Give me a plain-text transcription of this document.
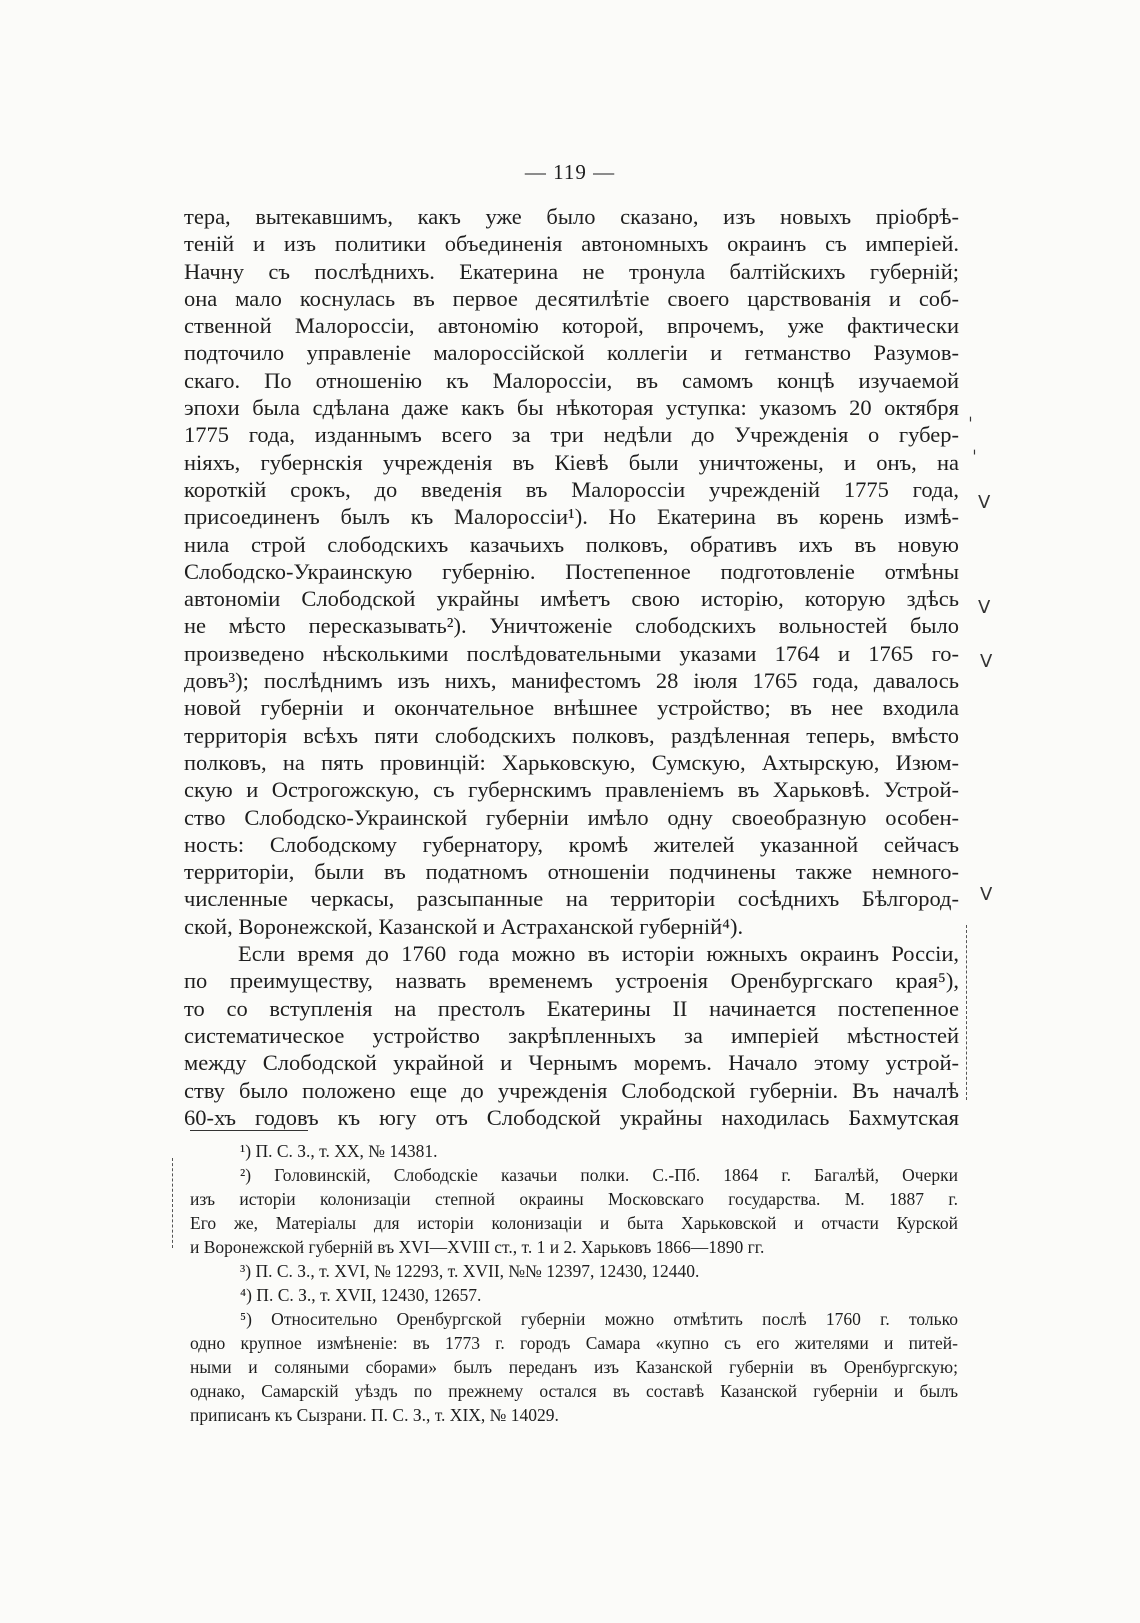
— 119 —
тера, вытекавшимъ, какъ уже было сказано, изъ новыхъ пріобрѣ-
теній и изъ политики объединенія автономныхъ окраинъ съ имперіей.
Начну съ послѣднихъ. Екатерина не тронула балтійскихъ губерній;
она мало коснулась въ первое десятилѣтіе своего царствованія и соб-
ственной Малороссіи, автономію которой, впрочемъ, уже фактически
подточило управленіе малороссійской коллегіи и гетманство Разумов-
скаго. По отношенію къ Малороссіи, въ самомъ концѣ изучаемой
эпохи была сдѣлана даже какъ бы нѣкоторая уступка: указомъ 20 октября
1775 года, изданнымъ всего за три недѣли до Учрежденія о губер-
ніяхъ, губернскія учрежденія въ Кіевѣ были уничтожены, и онъ, на
короткій срокъ, до введенія въ Малороссіи учрежденій 1775 года,
присоединенъ былъ къ Малороссіи¹). Но Екатерина въ корень измѣ-
нила строй слободскихъ казачьихъ полковъ, обративъ ихъ въ новую
Слободско-Украинскую губернію. Постепенное подготовленіе отмѣны
автономіи Слободской украйны имѣетъ свою исторію, которую здѣсь
не мѣсто пересказывать²). Уничтоженіе слободскихъ вольностей было
произведено нѣсколькими послѣдовательными указами 1764 и 1765 го-
довъ³); послѣднимъ изъ нихъ, манифестомъ 28 іюля 1765 года, давалось
новой губерніи и окончательное внѣшнее устройство; въ нее входила
территорія всѣхъ пяти слободскихъ полковъ, раздѣленная теперь, вмѣсто
полковъ, на пять провинцій: Харьковскую, Сумскую, Ахтырскую, Изюм-
скую и Острогожскую, съ губернскимъ правленіемъ въ Харьковѣ. Устрой-
ство Слободско-Украинской губерніи имѣло одну своеобразную особен-
ность: Слободскому губернатору, кромѣ жителей указанной сейчасъ
территоріи, были въ податномъ отношеніи подчинены также немного-
численные черкасы, разсыпанные на территоріи сосѣднихъ Бѣлгород-
ской, Воронежской, Казанской и Астраханской губерній⁴).
Если время до 1760 года можно въ исторіи южныхъ окраинъ Россіи,
по преимуществу, назвать временемъ устроенія Оренбургскаго края⁵),
то со вступленія на престолъ Екатерины II начинается постепенное
систематическое устройство закрѣпленныхъ за имперіей мѣстностей
между Слободской украйной и Чернымъ моремъ. Начало этому устрой-
ству было положено еще до учрежденія Слободской губерніи. Въ началѣ
60-хъ годовъ къ югу отъ Слободской украйны находилась Бахмутская
¹) П. С. З., т. XX, № 14381.
²) Головинскій, Слободскіе казачьи полки. С.-Пб. 1864 г. Багалѣй, Очерки
изъ исторіи колонизаціи степной окраины Московскаго государства. М. 1887 г.
Его же, Матеріалы для исторіи колонизаціи и быта Харьковской и отчасти Курской
и Воронежской губерній въ XVI—XVIII ст., т. 1 и 2. Харьковъ 1866—1890 гг.
³) П. С. З., т. XVI, № 12293, т. XVII, №№ 12397, 12430, 12440.
⁴) П. С. З., т. XVII, 12430, 12657.
⁵) Относительно Оренбургской губерніи можно отмѣтить послѣ 1760 г. только
одно крупное измѣненіе: въ 1773 г. городъ Самара «купно съ его жителями и питей-
ными и соляными сборами» былъ переданъ изъ Казанской губерніи въ Оренбургскую;
однако, Самарскій уѣздъ по прежнему остался въ составѣ Казанской губерніи и былъ
приписанъ къ Сызрани. П. С. З., т. XIX, № 14029.
V
V
V
V
ˈ
ˈ
